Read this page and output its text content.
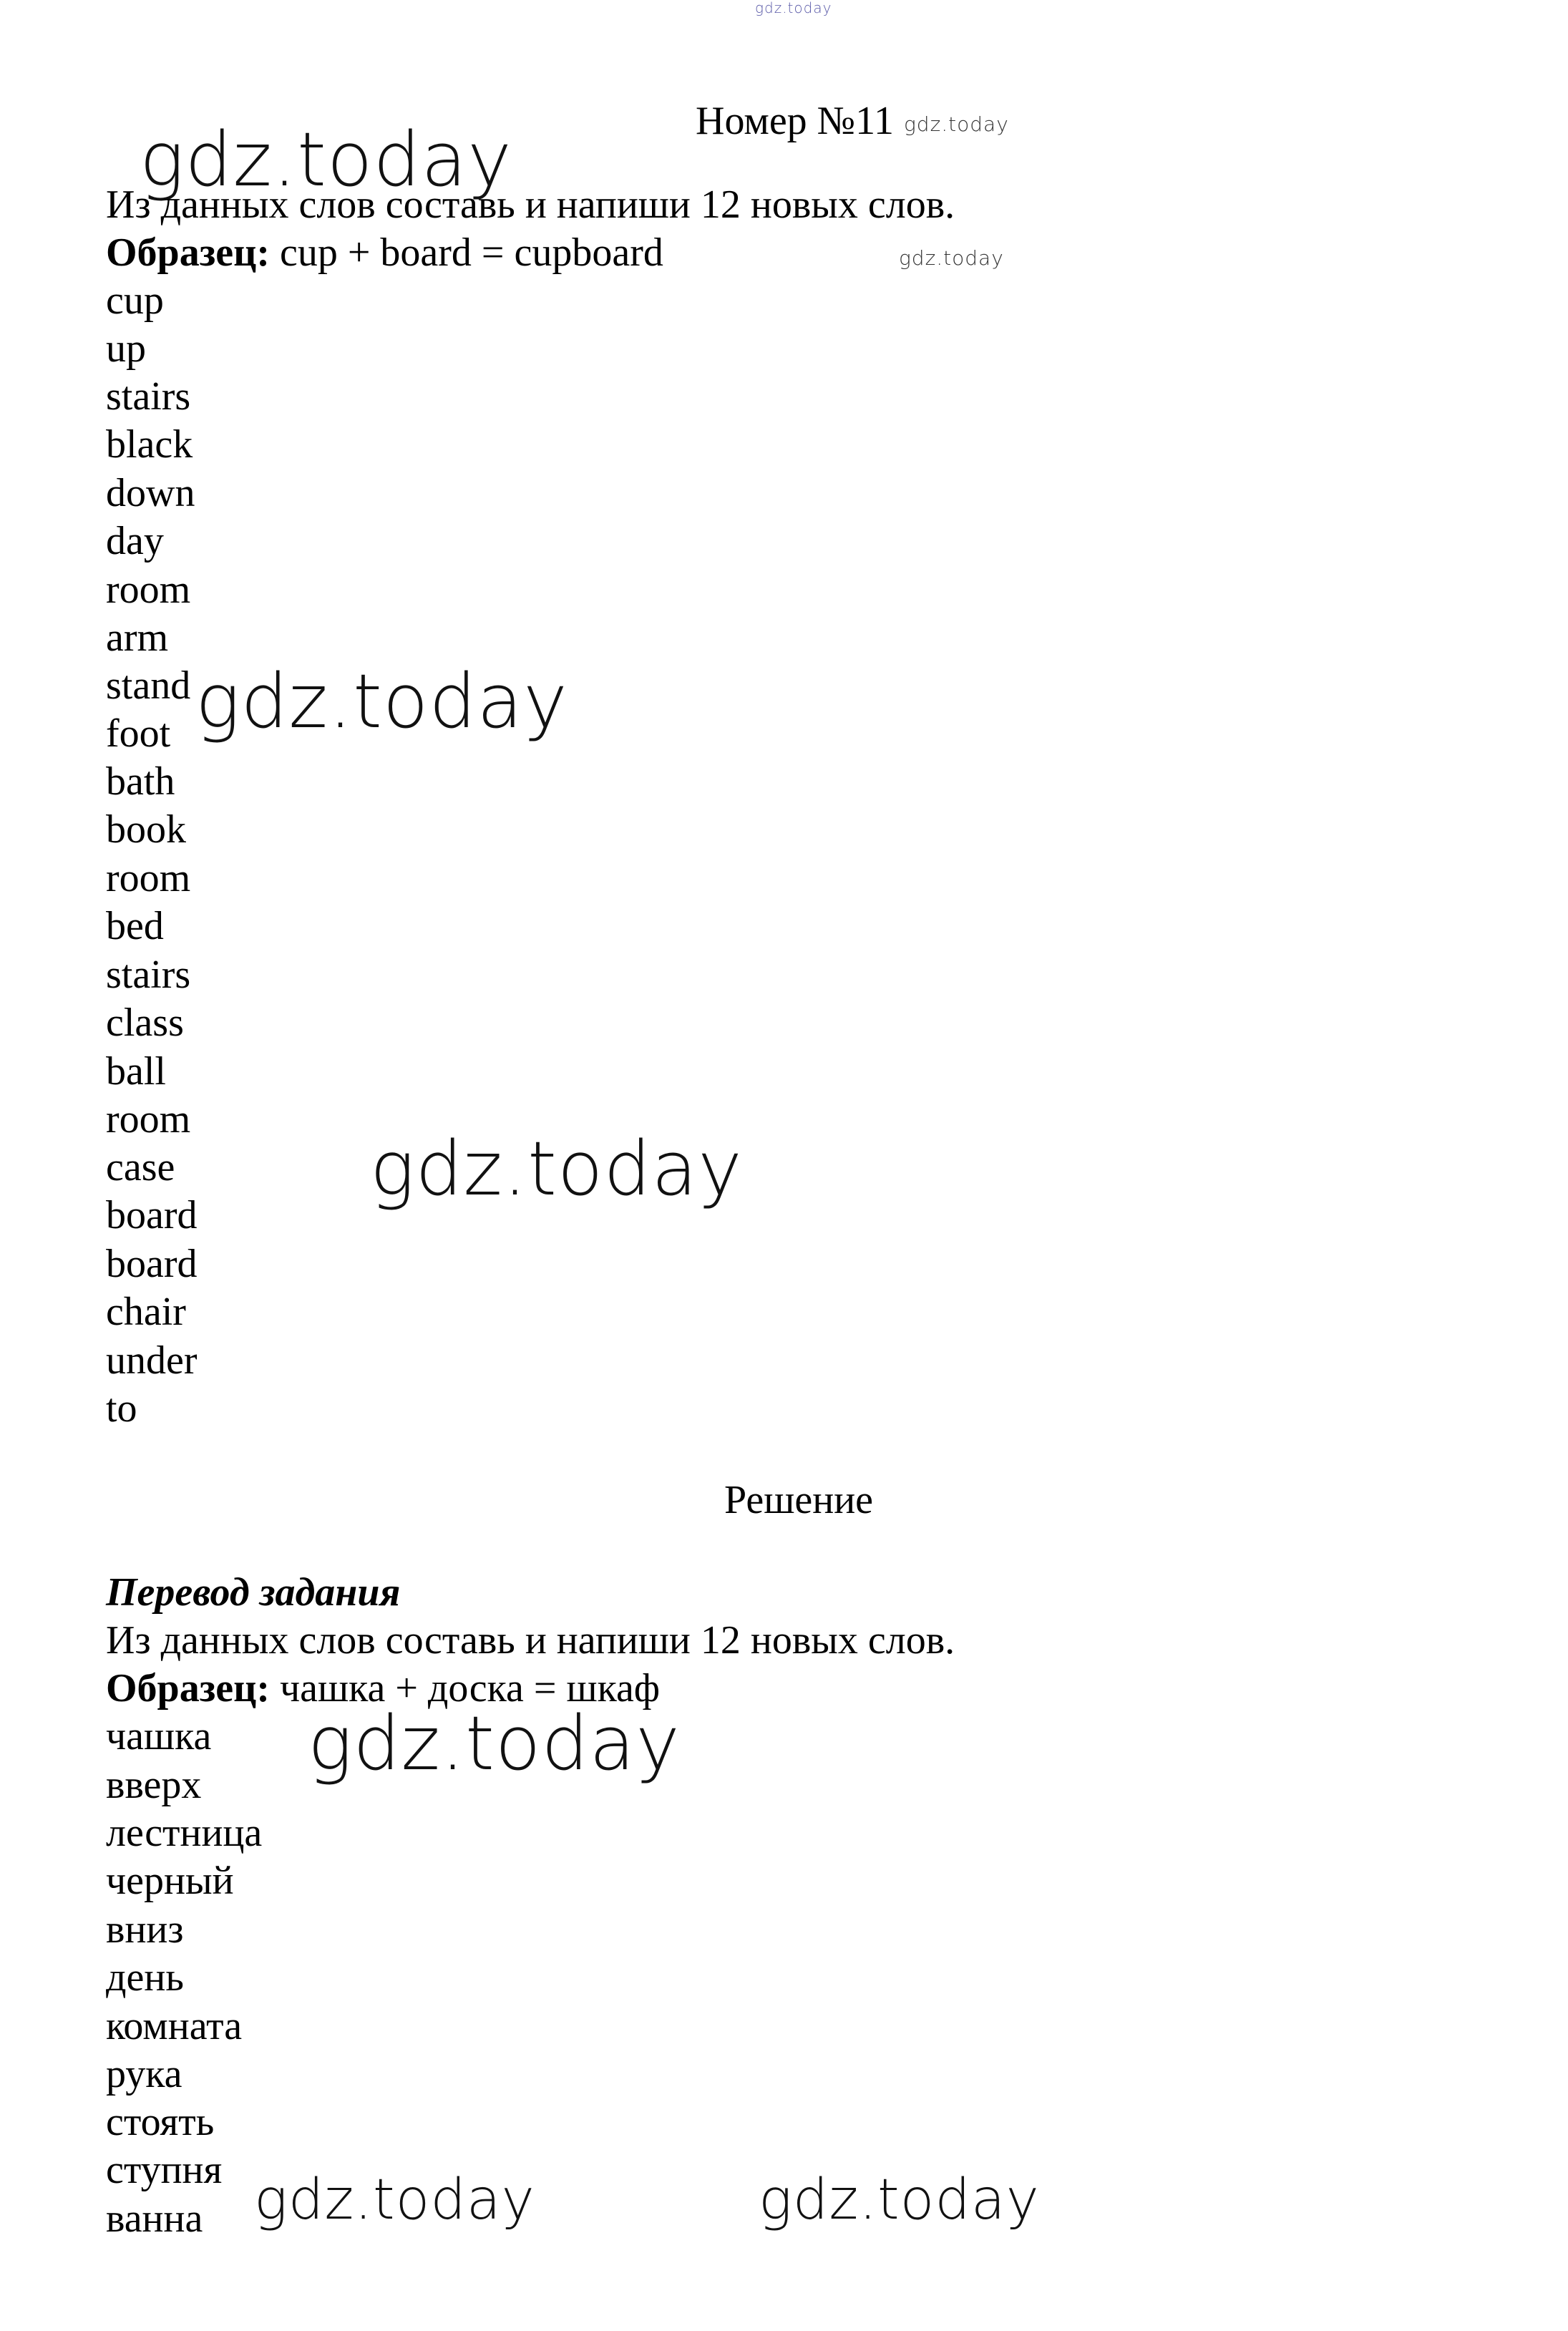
gdz.today
Номер №11 gdz.today
gdz.today
Из данных слов составь и напиши 12 новых слов.
Образец: cup + board = cupboard	gdz.today
cup
up
stairs
black
down
day
room
arm
stand
foot
bath
book
room
bed
stairs
class
ball
room
case
board
board
chair
under
to
gdz.today
gdz.today
Решение
Перевод задания
Из данных слов составь и напиши 12 новых слов.
Образец: чашка + доска = шкаф
чашка
вверх
лестница
черный
вниз
день
комната
рука
стоять
ступня
ванна
gdz.today
gdz.today	gdz.today
